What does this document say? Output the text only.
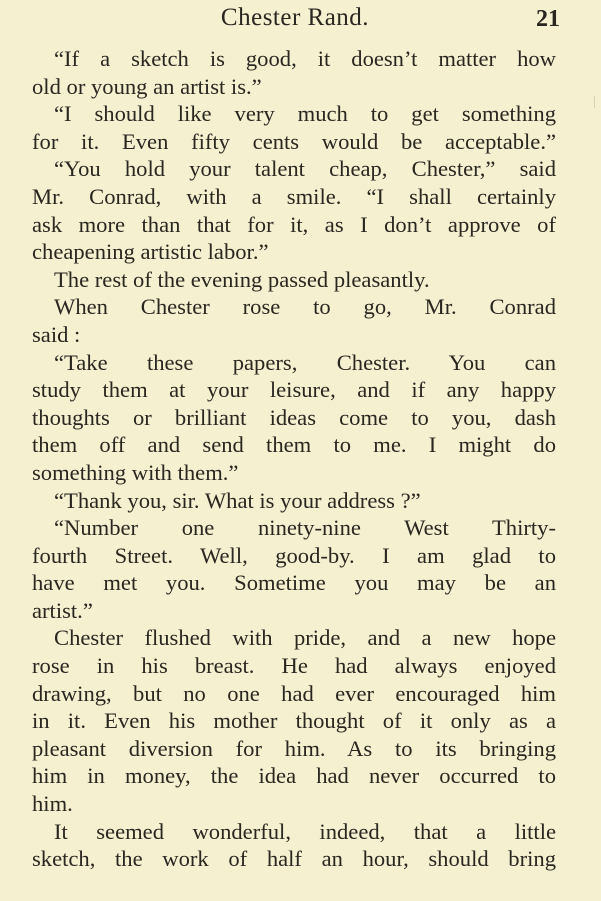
Chester Rand.	21
“If a sketch is good, it doesn’t matter how
old or young an artist is.”
“I should like very much to get something
for it. Even fifty cents would be acceptable.”
“You hold your talent cheap, Chester,” said
Mr. Conrad, with a smile. “I shall certainly
ask more than that for it, as I don’t approve of
cheapening artistic labor.”
The rest of the evening passed pleasantly.
When Chester rose to go, Mr. Conrad
said :
“Take these papers, Chester. You can
study them at your leisure, and if any happy
thoughts or brilliant ideas come to you, dash
them off and send them to me. I might do
something with them.”
“Thank you, sir. What is your address ?”
“Number one ninety-nine West Thirty-
fourth Street. Well, good-by. I am glad to
have met you. Sometime you may be an
artist.”
Chester flushed with pride, and a new hope
rose in his breast. He had always enjoyed
drawing, but no one had ever encouraged him
in it. Even his mother thought of it only as a
pleasant diversion for him. As to its bringing
him in money, the idea had never occurred to
him.
It seemed wonderful, indeed, that a little
sketch, the work of half an hour, should bring
